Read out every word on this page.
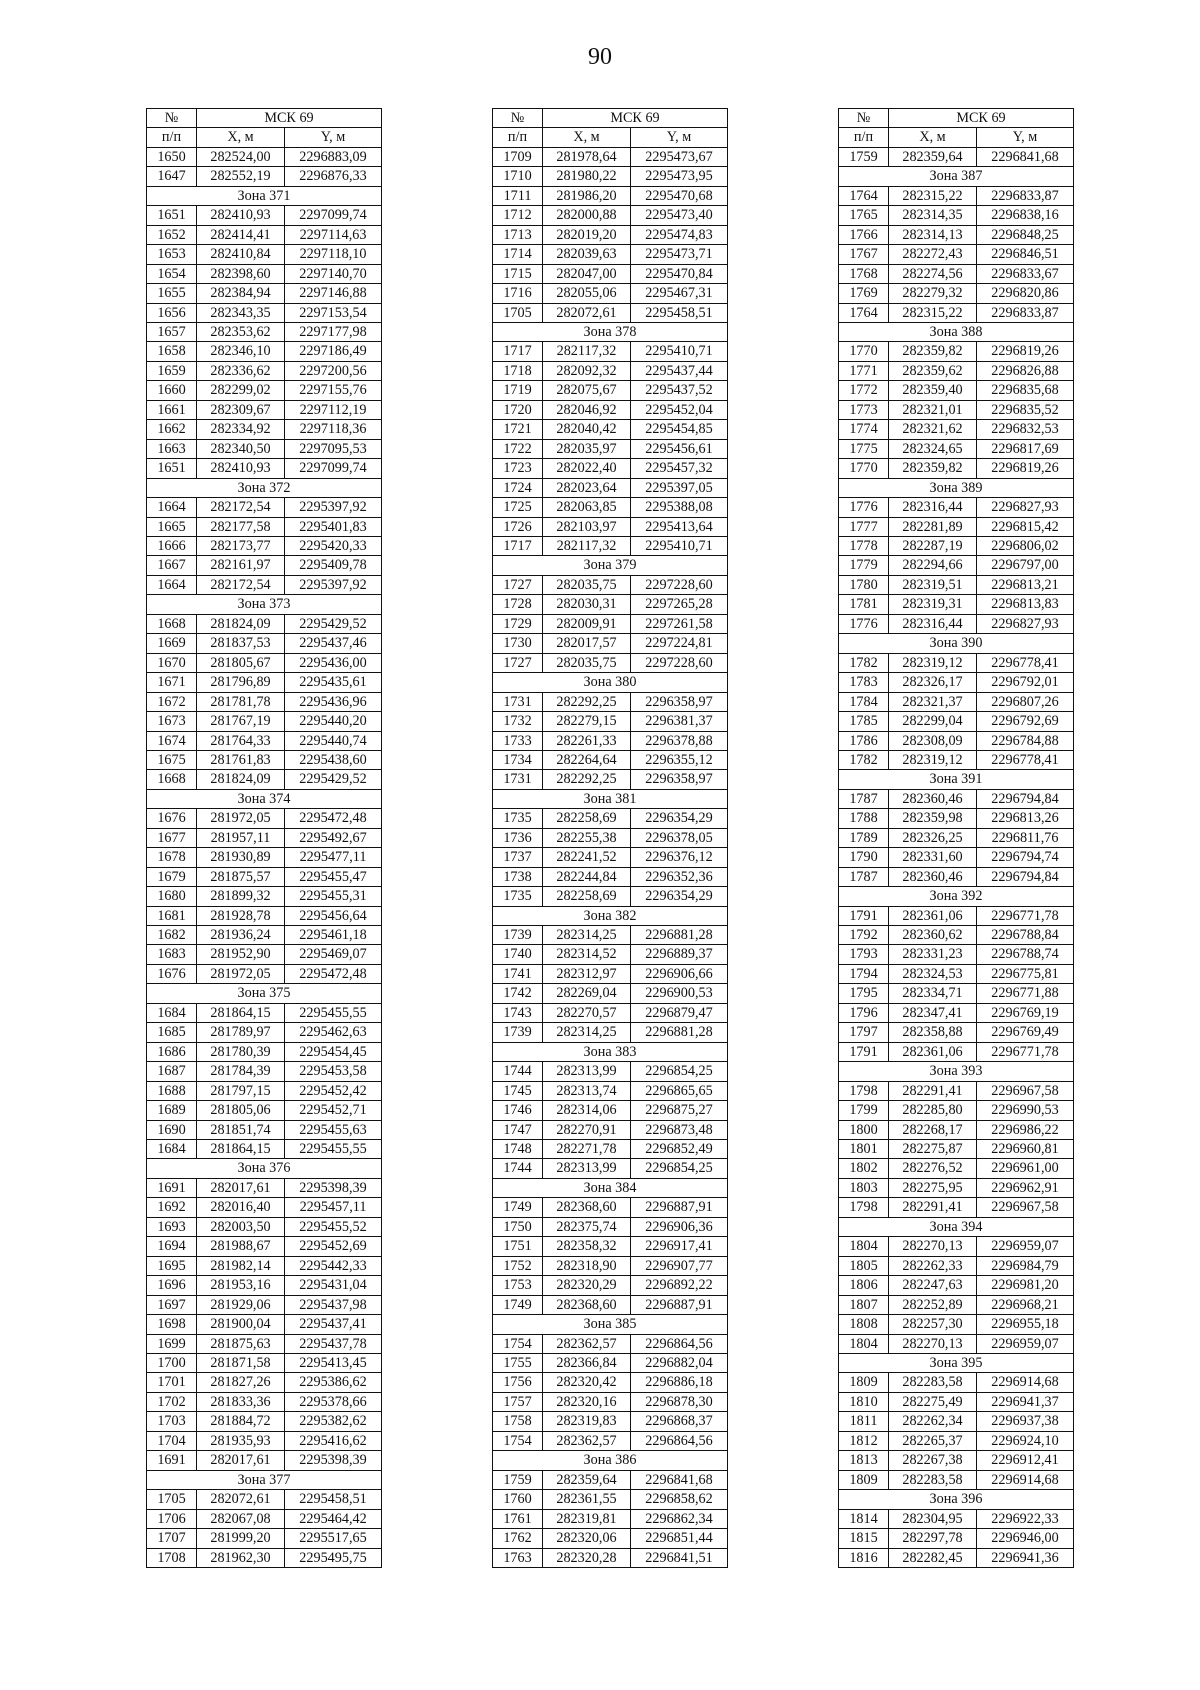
90
№	МСК 69	
п/п	X, м	Y, м
1650	282524,00	2296883,09
1647	282552,19	2296876,33
Зона 371		
1651	282410,93	2297099,74
1652	282414,41	2297114,63
1653	282410,84	2297118,10
1654	282398,60	2297140,70
1655	282384,94	2297146,88
1656	282343,35	2297153,54
1657	282353,62	2297177,98
1658	282346,10	2297186,49
1659	282336,62	2297200,56
1660	282299,02	2297155,76
1661	282309,67	2297112,19
1662	282334,92	2297118,36
1663	282340,50	2297095,53
1651	282410,93	2297099,74
Зона 372		
1664	282172,54	2295397,92
1665	282177,58	2295401,83
1666	282173,77	2295420,33
1667	282161,97	2295409,78
1664	282172,54	2295397,92
Зона 373		
1668	281824,09	2295429,52
1669	281837,53	2295437,46
1670	281805,67	2295436,00
1671	281796,89	2295435,61
1672	281781,78	2295436,96
1673	281767,19	2295440,20
1674	281764,33	2295440,74
1675	281761,83	2295438,60
1668	281824,09	2295429,52
Зона 374		
1676	281972,05	2295472,48
1677	281957,11	2295492,67
1678	281930,89	2295477,11
1679	281875,57	2295455,47
1680	281899,32	2295455,31
1681	281928,78	2295456,64
1682	281936,24	2295461,18
1683	281952,90	2295469,07
1676	281972,05	2295472,48
Зона 375		
1684	281864,15	2295455,55
1685	281789,97	2295462,63
1686	281780,39	2295454,45
1687	281784,39	2295453,58
1688	281797,15	2295452,42
1689	281805,06	2295452,71
1690	281851,74	2295455,63
1684	281864,15	2295455,55
Зона 376		
1691	282017,61	2295398,39
1692	282016,40	2295457,11
1693	282003,50	2295455,52
1694	281988,67	2295452,69
1695	281982,14	2295442,33
1696	281953,16	2295431,04
1697	281929,06	2295437,98
1698	281900,04	2295437,41
1699	281875,63	2295437,78
1700	281871,58	2295413,45
1701	281827,26	2295386,62
1702	281833,36	2295378,66
1703	281884,72	2295382,62
1704	281935,93	2295416,62
1691	282017,61	2295398,39
Зона 377		
1705	282072,61	2295458,51
1706	282067,08	2295464,42
1707	281999,20	2295517,65
1708	281962,30	2295495,75
№	МСК 69	
п/п	X, м	Y, м
1709	281978,64	2295473,67
1710	281980,22	2295473,95
1711	281986,20	2295470,68
1712	282000,88	2295473,40
1713	282019,20	2295474,83
1714	282039,63	2295473,71
1715	282047,00	2295470,84
1716	282055,06	2295467,31
1705	282072,61	2295458,51
Зона 378		
1717	282117,32	2295410,71
1718	282092,32	2295437,44
1719	282075,67	2295437,52
1720	282046,92	2295452,04
1721	282040,42	2295454,85
1722	282035,97	2295456,61
1723	282022,40	2295457,32
1724	282023,64	2295397,05
1725	282063,85	2295388,08
1726	282103,97	2295413,64
1717	282117,32	2295410,71
Зона 379		
1727	282035,75	2297228,60
1728	282030,31	2297265,28
1729	282009,91	2297261,58
1730	282017,57	2297224,81
1727	282035,75	2297228,60
Зона 380		
1731	282292,25	2296358,97
1732	282279,15	2296381,37
1733	282261,33	2296378,88
1734	282264,64	2296355,12
1731	282292,25	2296358,97
Зона 381		
1735	282258,69	2296354,29
1736	282255,38	2296378,05
1737	282241,52	2296376,12
1738	282244,84	2296352,36
1735	282258,69	2296354,29
Зона 382		
1739	282314,25	2296881,28
1740	282314,52	2296889,37
1741	282312,97	2296906,66
1742	282269,04	2296900,53
1743	282270,57	2296879,47
1739	282314,25	2296881,28
Зона 383		
1744	282313,99	2296854,25
1745	282313,74	2296865,65
1746	282314,06	2296875,27
1747	282270,91	2296873,48
1748	282271,78	2296852,49
1744	282313,99	2296854,25
Зона 384		
1749	282368,60	2296887,91
1750	282375,74	2296906,36
1751	282358,32	2296917,41
1752	282318,90	2296907,77
1753	282320,29	2296892,22
1749	282368,60	2296887,91
Зона 385		
1754	282362,57	2296864,56
1755	282366,84	2296882,04
1756	282320,42	2296886,18
1757	282320,16	2296878,30
1758	282319,83	2296868,37
1754	282362,57	2296864,56
Зона 386		
1759	282359,64	2296841,68
1760	282361,55	2296858,62
1761	282319,81	2296862,34
1762	282320,06	2296851,44
1763	282320,28	2296841,51
№	МСК 69	
п/п	X, м	Y, м
1759	282359,64	2296841,68
Зона 387		
1764	282315,22	2296833,87
1765	282314,35	2296838,16
1766	282314,13	2296848,25
1767	282272,43	2296846,51
1768	282274,56	2296833,67
1769	282279,32	2296820,86
1764	282315,22	2296833,87
Зона 388		
1770	282359,82	2296819,26
1771	282359,62	2296826,88
1772	282359,40	2296835,68
1773	282321,01	2296835,52
1774	282321,62	2296832,53
1775	282324,65	2296817,69
1770	282359,82	2296819,26
Зона 389		
1776	282316,44	2296827,93
1777	282281,89	2296815,42
1778	282287,19	2296806,02
1779	282294,66	2296797,00
1780	282319,51	2296813,21
1781	282319,31	2296813,83
1776	282316,44	2296827,93
Зона 390		
1782	282319,12	2296778,41
1783	282326,17	2296792,01
1784	282321,37	2296807,26
1785	282299,04	2296792,69
1786	282308,09	2296784,88
1782	282319,12	2296778,41
Зона 391		
1787	282360,46	2296794,84
1788	282359,98	2296813,26
1789	282326,25	2296811,76
1790	282331,60	2296794,74
1787	282360,46	2296794,84
Зона 392		
1791	282361,06	2296771,78
1792	282360,62	2296788,84
1793	282331,23	2296788,74
1794	282324,53	2296775,81
1795	282334,71	2296771,88
1796	282347,41	2296769,19
1797	282358,88	2296769,49
1791	282361,06	2296771,78
Зона 393		
1798	282291,41	2296967,58
1799	282285,80	2296990,53
1800	282268,17	2296986,22
1801	282275,87	2296960,81
1802	282276,52	2296961,00
1803	282275,95	2296962,91
1798	282291,41	2296967,58
Зона 394		
1804	282270,13	2296959,07
1805	282262,33	2296984,79
1806	282247,63	2296981,20
1807	282252,89	2296968,21
1808	282257,30	2296955,18
1804	282270,13	2296959,07
Зона 395		
1809	282283,58	2296914,68
1810	282275,49	2296941,37
1811	282262,34	2296937,38
1812	282265,37	2296924,10
1813	282267,38	2296912,41
1809	282283,58	2296914,68
Зона 396		
1814	282304,95	2296922,33
1815	282297,78	2296946,00
1816	282282,45	2296941,36
